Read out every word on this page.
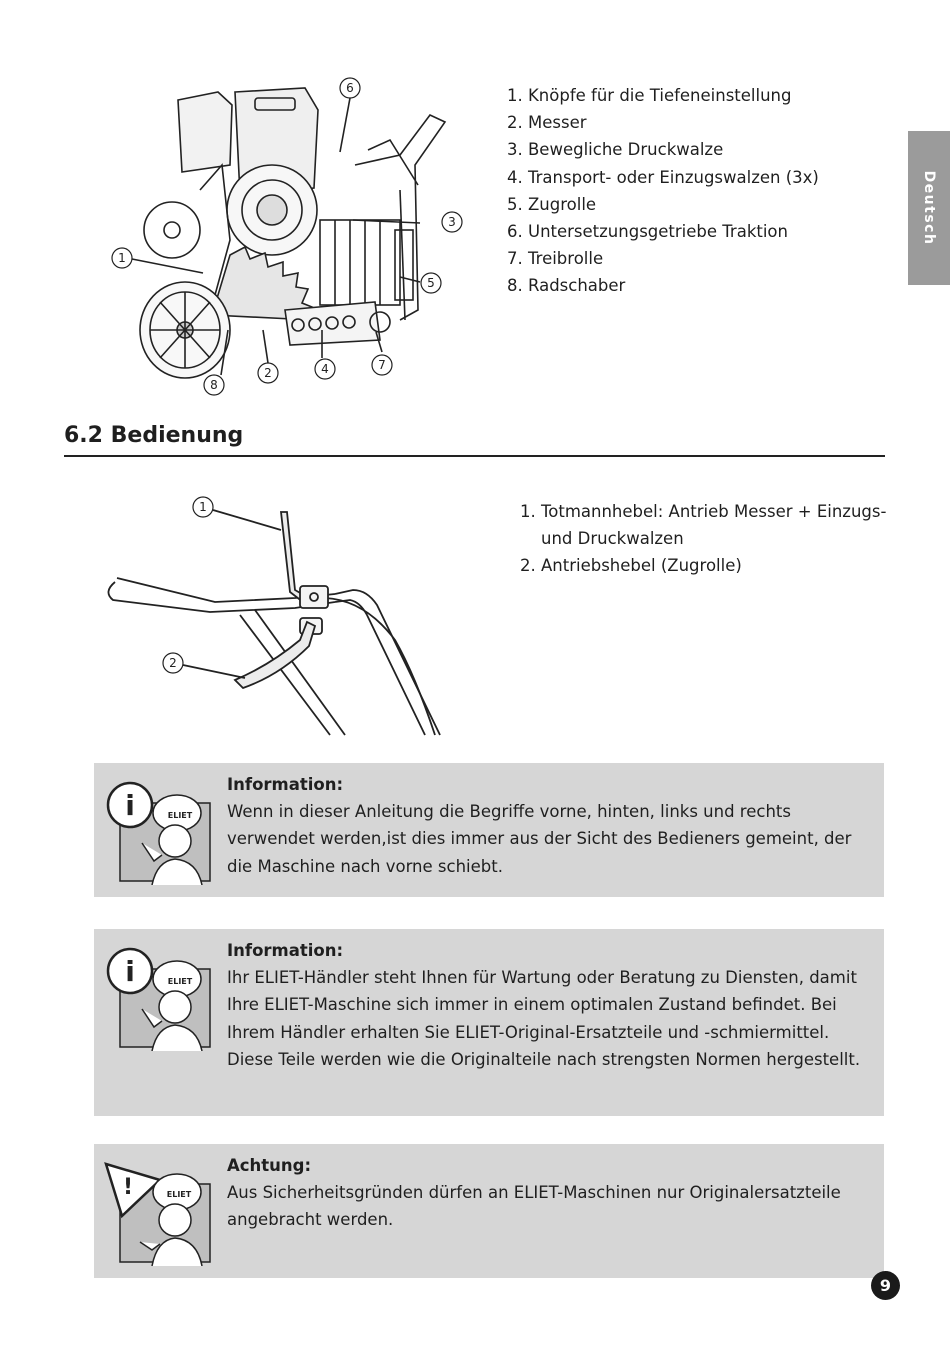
Deutsch
1
2
3
4
5
6
7
8
1. Knöpfe für die Tiefeneinstellung
2. Messer
3. Bewegliche Druckwalze
4. Transport- oder Einzugswalzen (3x)
5. Zugrolle
6. Untersetzungsgetriebe Traktion
7. Treibrolle
8. Radschaber
6.2 Bedienung
1
2
1. Totmannhebel: Antrieb Messer + Einzugs- und Druckwalzen
2. Antriebshebel (Zugrolle)
i	ELIET
Information:
Wenn in dieser Anleitung die Begriffe vorne, hinten, links und rechts verwendet werden,ist dies immer aus der Sicht des Bedieners gemeint, der die Maschine nach vorne schiebt.
i	ELIET
Information:
Ihr ELIET-Händler steht Ihnen für Wartung oder Beratung zu Diensten, damit Ihre ELIET-Maschine sich immer in einem optimalen Zustand befindet. Bei Ihrem Händler erhalten Sie ELIET-Original-Ersatzteile und -schmiermittel. Diese Teile werden wie die Originalteile nach strengsten Normen hergestellt.
!	ELIET
Achtung:
Aus Sicherheitsgründen dürfen an ELIET-Maschinen nur Originalersatzteile angebracht werden.
9
